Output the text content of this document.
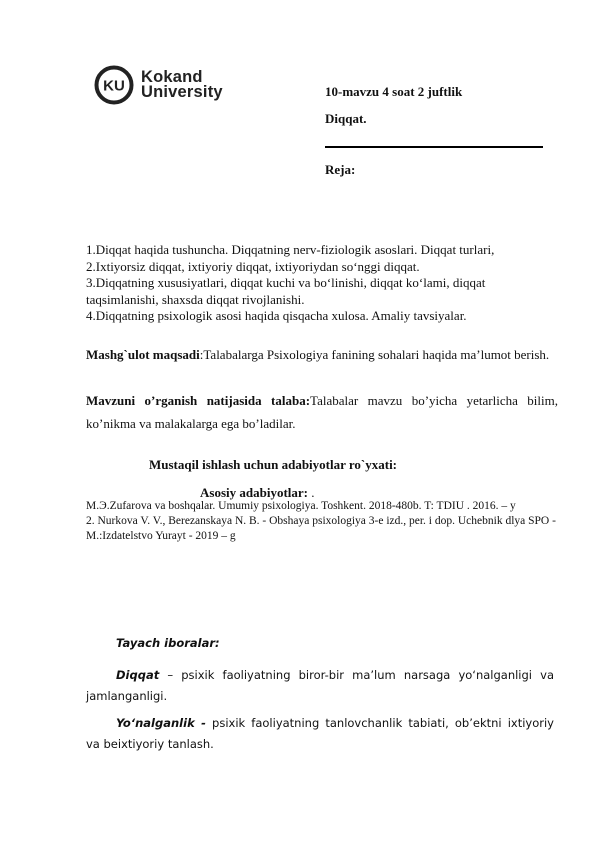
KU Kokand
University	10-mavzu 4 soat 2 juftlik
Diqqat.
Reja:
1.Diqqat haqida tushuncha. Diqqatning nerv-fiziologik asoslari. Diqqat turlari,
2.Ixtiyorsiz diqqat, ixtiyoriy diqqat, ixtiyoriydan so‘nggi diqqat.
3.Diqqatning xususiyatlari, diqqat kuchi va bo‘linishi, diqqat ko‘lami, diqqat
taqsimlanishi, shaxsda diqqat rivojlanishi.
4.Diqqatning psixologik asosi haqida qisqacha xulosa. Amaliy tavsiyalar.
Mashg`ulot maqsadi:Talabalarga Psixologiya fanining sohalari haqida ma’lumot berish.
Mavzuni o’rganish natijasida talaba:Talabalar mavzu bo’yicha yetarlicha bilim, ko’nikma va malakalarga ega bo’ladilar.
Mustaqil ishlash uchun adabiyotlar ro`yxati:
Asosiy adabiyotlar: .
M.Э.Zufarova va boshqalar. Umumiy psixologiya. Toshkent. 2018-480b. T: TDIU . 2016. – y
2. Nurkova V. V., Berezanskaya N. B. - Obshaya psixologiya 3-e izd., per. i dop. Uchebnik dlya SPO - M.:Izdatelstvo Yurayt - 2019 – g
Tayach iboralar:
Diqqat – psixik faoliyatning biror-bir ma’lum narsaga yo‘nalganligi va jamlanganligi.
Yo‘nalganlik - psixik faoliyatning tanlovchanlik tabiati, ob’ektni ixtiyoriy va beixtiyoriy tanlash.
